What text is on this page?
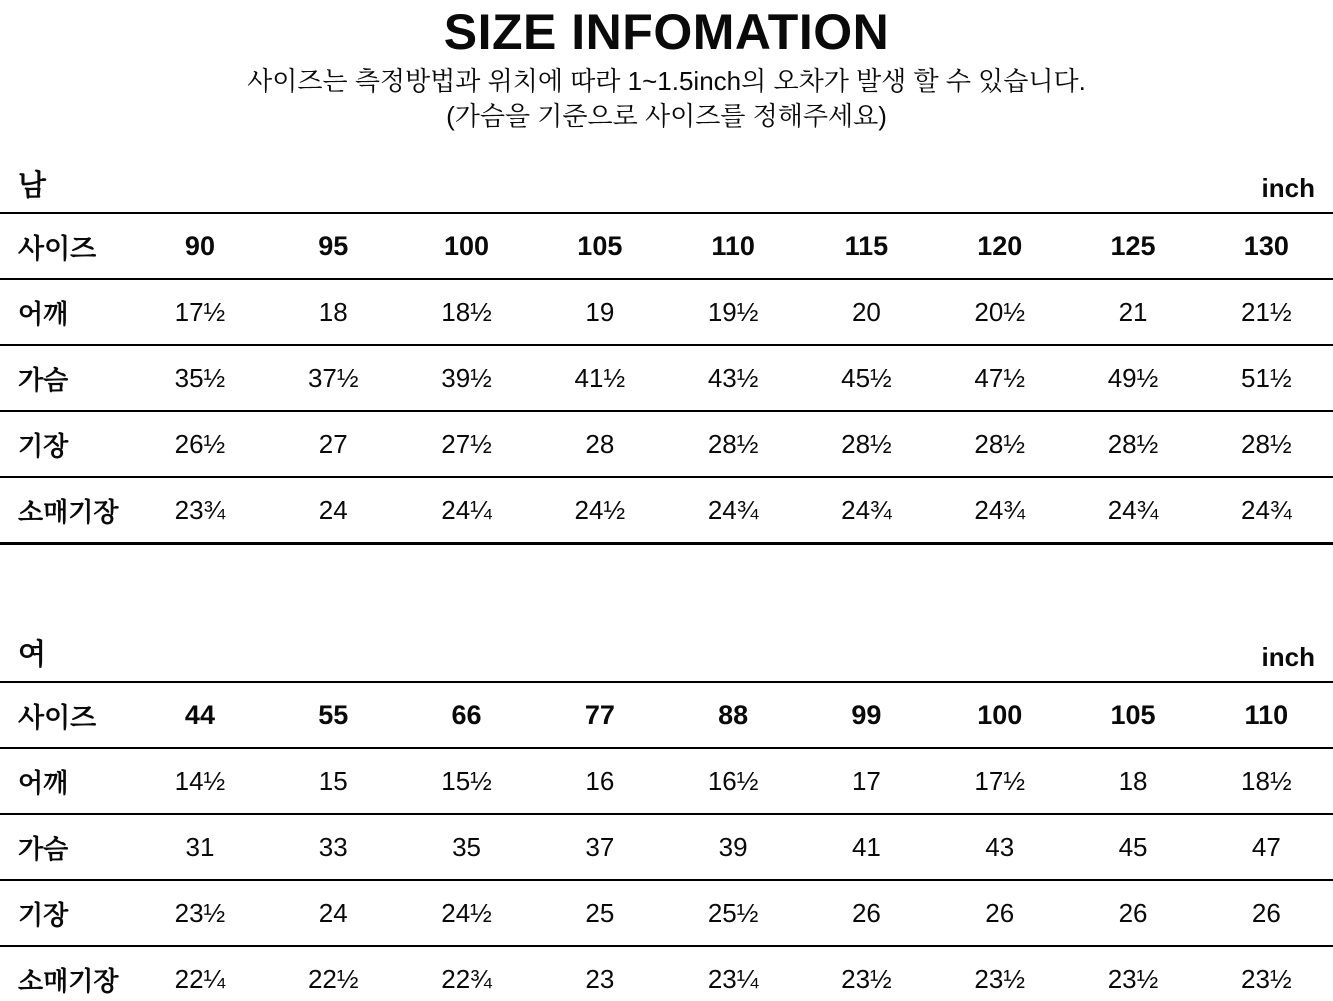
SIZE INFOMATION
사이즈는 측정방법과 위치에 따라 1~1.5inch의 오차가 발생 할 수 있습니다.
(가슴을 기준으로 사이즈를 정해주세요)
남	inch
사이즈	90	95	100	105	110	115	120	125	130
어깨	17½	18	18½	19	19½	20	20½	21	21½
가슴	35½	37½	39½	41½	43½	45½	47½	49½	51½
기장	26½	27	27½	28	28½	28½	28½	28½	28½
소매기장	23¾	24	24¼	24½	24¾	24¾	24¾	24¾	24¾
여	inch
사이즈	44	55	66	77	88	99	100	105	110
어깨	14½	15	15½	16	16½	17	17½	18	18½
가슴	31	33	35	37	39	41	43	45	47
기장	23½	24	24½	25	25½	26	26	26	26
소매기장	22¼	22½	22¾	23	23¼	23½	23½	23½	23½
